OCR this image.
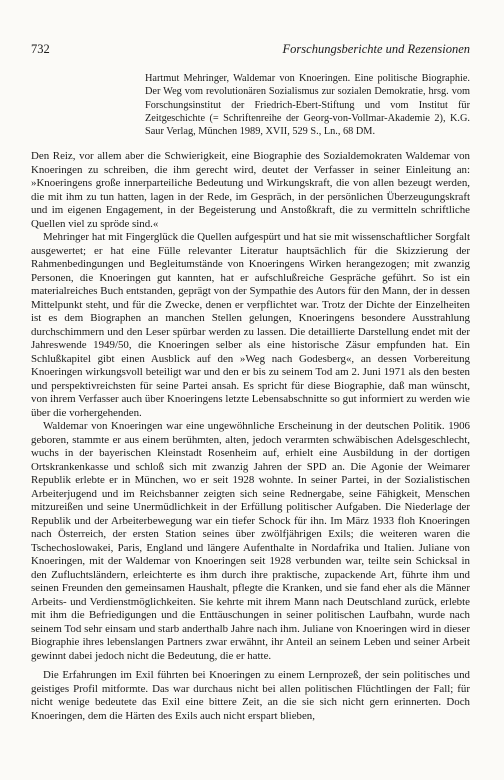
732	Forschungsberichte und Rezensionen
Hartmut Mehringer, Waldemar von Knoeringen. Eine politische Biographie. Der Weg vom revolutionären Sozialismus zur sozialen Demokratie, hrsg. vom Forschungsinstitut der Friedrich-Ebert-Stiftung und vom Institut für Zeitgeschichte (= Schriftenreihe der Georg-von-Vollmar-Akademie 2), K.G. Saur Verlag, München 1989, XVII, 529 S., Ln., 68 DM.

Den Reiz, vor allem aber die Schwierigkeit, eine Biographie des Sozialdemokraten Waldemar von Knoeringen zu schreiben, die ihm gerecht wird, deutet der Verfasser in seiner Einleitung an: »Knoeringens große innerparteiliche Bedeutung und Wirkungskraft, die von allen bezeugt werden, die mit ihm zu tun hatten, lagen in der Rede, im Gespräch, in der persönlichen Überzeugungskraft und im eigenen Engagement, in der Begeisterung und Anstoßkraft, die zu vermitteln schriftliche Quellen viel zu spröde sind.«

Mehringer hat mit Fingerglück die Quellen aufgespürt und hat sie mit wissenschaftlicher Sorgfalt ausgewertet; er hat eine Fülle relevanter Literatur hauptsächlich für die Skizzierung der Rahmenbedingungen und Begleitumstände von Knoeringens Wirken herangezogen; mit zwanzig Personen, die Knoeringen gut kannten, hat er aufschlußreiche Gespräche geführt. So ist ein materialreiches Buch entstanden, geprägt von der Sympathie des Autors für den Mann, der in dessen Mittelpunkt steht, und für die Zwecke, denen er verpflichtet war. Trotz der Dichte der Einzelheiten ist es dem Biographen an manchen Stellen gelungen, Knoeringens besondere Ausstrahlung durchschimmern und den Leser spürbar werden zu lassen. Die detaillierte Darstellung endet mit der Jahreswende 1949/50, die Knoeringen selber als eine historische Zäsur empfunden hat. Ein Schlußkapitel gibt einen Ausblick auf den »Weg nach Godesberg«, an dessen Vorbereitung Knoeringen wirkungsvoll beteiligt war und den er bis zu seinem Tod am 2. Juni 1971 als den besten und perspektivreichsten für seine Partei ansah. Es spricht für diese Biographie, daß man wünscht, von ihrem Verfasser auch über Knoeringens letzte Lebensabschnitte so gut informiert zu werden wie über die vorhergehenden.

Waldemar von Knoeringen war eine ungewöhnliche Erscheinung in der deutschen Politik. 1906 geboren, stammte er aus einem berühmten, alten, jedoch verarmten schwäbischen Adelsgeschlecht, wuchs in der bayerischen Kleinstadt Rosenheim auf, erhielt eine Ausbildung in der dortigen Ortskrankenkasse und schloß sich mit zwanzig Jahren der SPD an. Die Agonie der Weimarer Republik erlebte er in München, wo er seit 1928 wohnte. In seiner Partei, in der Sozialistischen Arbeiterjugend und im Reichsbanner zeigten sich seine Rednergabe, seine Fähigkeit, Menschen mitzureißen und seine Unermüdlichkeit in der Erfüllung politischer Aufgaben. Die Niederlage der Republik und der Arbeiterbewegung war ein tiefer Schock für ihn. Im März 1933 floh Knoeringen nach Österreich, der ersten Station seines über zwölfjährigen Exils; die weiteren waren die Tschechoslowakei, Paris, England und längere Aufenthalte in Nordafrika und Italien. Juliane von Knoeringen, mit der Waldemar von Knoeringen seit 1928 verbunden war, teilte sein Schicksal in den Zufluchtsländern, erleichterte es ihm durch ihre praktische, zupackende Art, führte ihm und seinen Freunden den gemeinsamen Haushalt, pflegte die Kranken, und sie fand eher als die Männer Arbeits- und Verdienstmöglichkeiten. Sie kehrte mit ihrem Mann nach Deutschland zurück, erlebte mit ihm die Befriedigungen und die Enttäuschungen in seiner politischen Laufbahn, wurde nach seinem Tod sehr einsam und starb anderthalb Jahre nach ihm. Juliane von Knoeringen wird in dieser Biographie ihres lebenslangen Partners zwar erwähnt, ihr Anteil an seinem Leben und seiner Arbeit gewinnt dabei jedoch nicht die Bedeutung, die er hatte.

Die Erfahrungen im Exil führten bei Knoeringen zu einem Lernprozeß, der sein politisches und geistiges Profil mitformte. Das war durchaus nicht bei allen politischen Flüchtlingen der Fall; für nicht wenige bedeutete das Exil eine bittere Zeit, an die sie sich nicht gern erinnerten. Doch Knoeringen, dem die Härten des Exils auch nicht erspart blieben,
